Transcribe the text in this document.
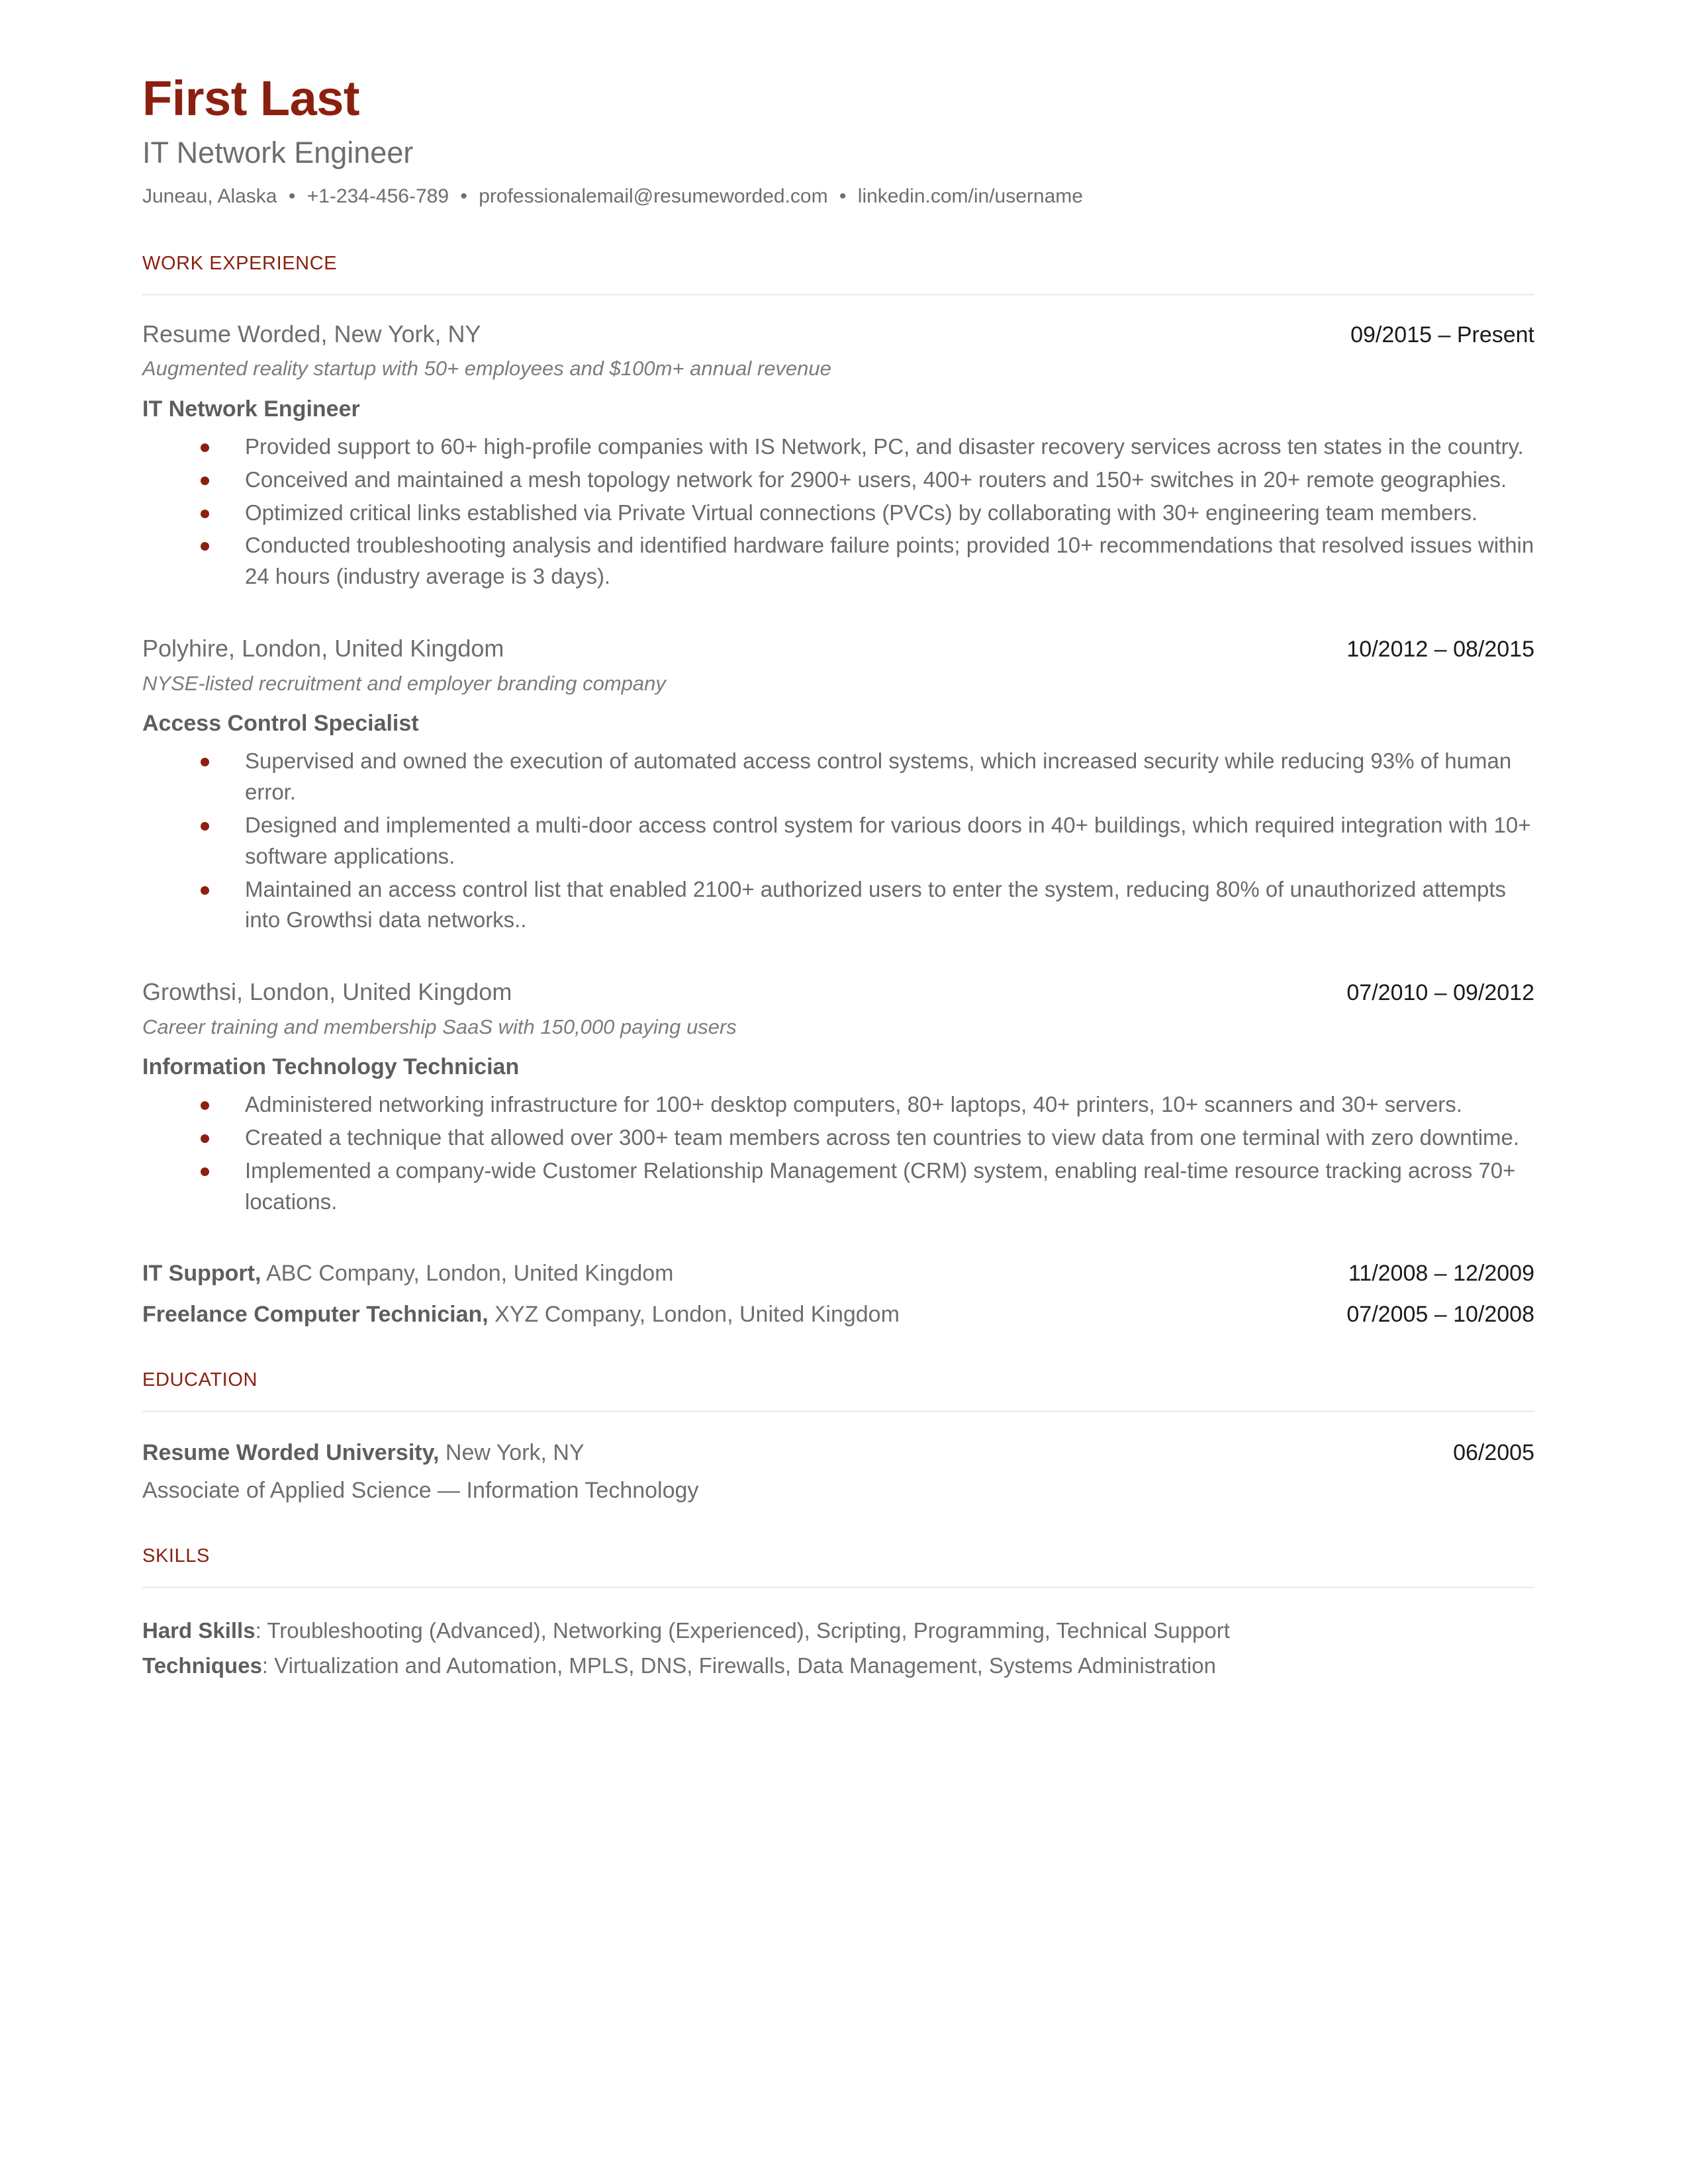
First Last
IT Network Engineer
Juneau, Alaska • +1-234-456-789 • professionalemail@resumeworded.com • linkedin.com/in/username
WORK EXPERIENCE
Resume Worded, New York, NY	09/2015 – Present
Augmented reality startup with 50+ employees and $100m+ annual revenue
IT Network Engineer
Provided support to 60+ high-profile companies with IS Network, PC, and disaster recovery services across ten states in the country.
Conceived and maintained a mesh topology network for 2900+ users, 400+ routers and 150+ switches in 20+ remote geographies.
Optimized critical links established via Private Virtual connections (PVCs) by collaborating with 30+ engineering team members.
Conducted troubleshooting analysis and identified hardware failure points; provided 10+ recommendations that resolved issues within 24 hours (industry average is 3 days).
Polyhire, London, United Kingdom	10/2012 – 08/2015
NYSE-listed recruitment and employer branding company
Access Control Specialist
Supervised and owned the execution of automated access control systems, which increased security while reducing 93% of human error.
Designed and implemented a multi-door access control system for various doors in 40+ buildings, which required integration with 10+ software applications.
Maintained an access control list that enabled 2100+ authorized users to enter the system, reducing 80% of unauthorized attempts into Growthsi data networks..
Growthsi, London, United Kingdom	07/2010 – 09/2012
Career training and membership SaaS with 150,000 paying users
Information Technology Technician
Administered networking infrastructure for 100+ desktop computers, 80+ laptops, 40+ printers, 10+ scanners and 30+ servers.
Created a technique that allowed over 300+ team members across ten countries to view data from one terminal with zero downtime.
Implemented a company-wide Customer Relationship Management (CRM) system, enabling real-time resource tracking across 70+ locations.
IT Support, ABC Company, London, United Kingdom	11/2008 – 12/2009
Freelance Computer Technician, XYZ Company, London, United Kingdom	07/2005 – 10/2008
EDUCATION
Resume Worded University, New York, NY	06/2005
Associate of Applied Science — Information Technology
SKILLS
Hard Skills: Troubleshooting (Advanced), Networking (Experienced), Scripting, Programming, Technical Support
Techniques: Virtualization and Automation, MPLS, DNS, Firewalls, Data Management, Systems Administration
